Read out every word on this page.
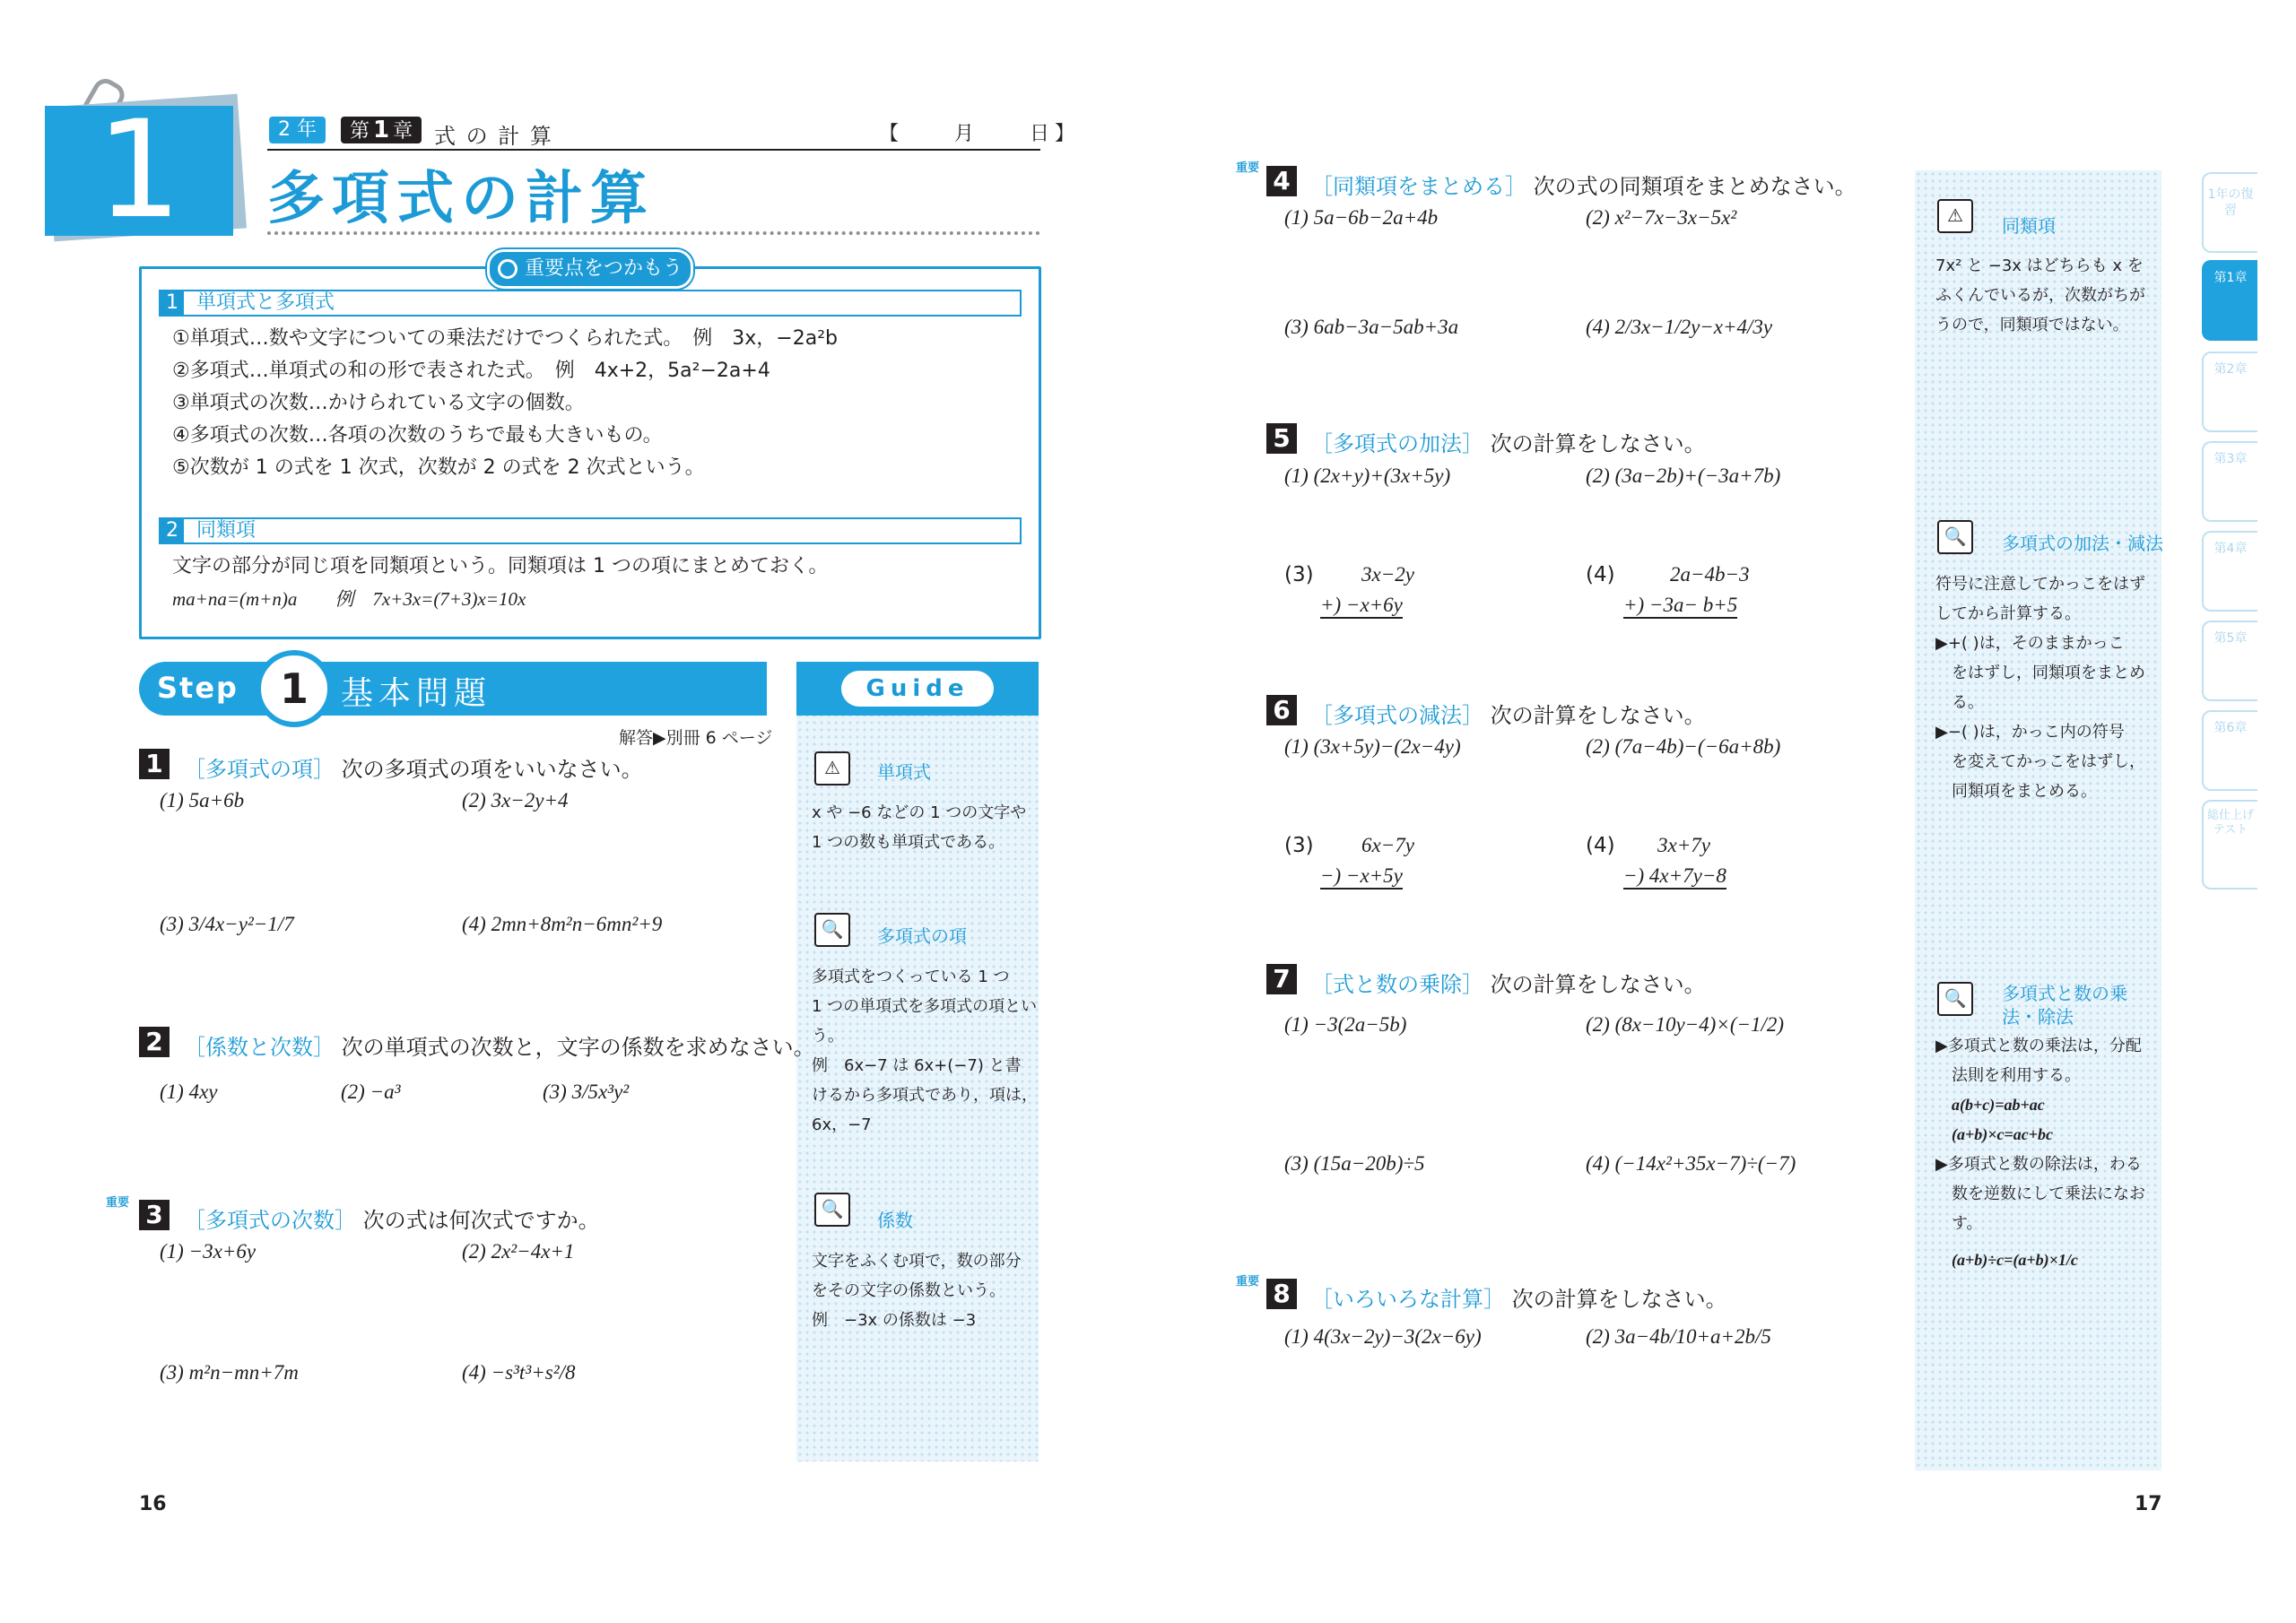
1	2 年	第 1 章 式 の 計 算	【　　月　　日】
多項式の計算
重要点をつかもう
1 単項式と多項式
①単項式…数や文字についての乗法だけでつくられた式。　例　3x，−2a²b
②多項式…単項式の和の形で表された式。　例　4x+2，5a²−2a+4
③単項式の次数…かけられている文字の個数。
④多項式の次数…各項の次数のうちで最も大きいもの。
⑤次数が 1 の式を 1 次式，次数が 2 の式を 2 次式という。
2 同類項
文字の部分が同じ項を同類項という。同類項は 1 つの項にまとめておく。
ma+na=(m+n)a　　例　7x+3x=(7+3)x=10x
Step	1	基本問題
解答▶別冊 6 ページ
Guide
⚠	単項式
x や −6 などの 1 つの文字や
1 つの数も単項式である。
🔍	多項式の項
多項式をつくっている 1 つ
1 つの単項式を多項式の項とい
う。
例　6x−7 は 6x+(−7) と書
けるから多項式であり，項は，
6x，−7
🔍
係数
文字をふくむ項で，数の部分
をその文字の係数という。
例　−3x の係数は −3
1 ［多項式の項］ 次の多項式の項をいいなさい。
(1) 5a+6b	(2) 3x−2y+4
(3) 3/4x−y²−1/7	(4) 2mn+8m²n−6mn²+9
2 ［係数と次数］ 次の単項式の次数と，文字の係数を求めなさい。
(1) 4xy	(2) −a³	(3) 3/5x³y²
重要 3 ［多項式の次数］ 次の式は何次式ですか。
(1) −3x+6y	(2) 2x²−4x+1
(3) m²n−mn+7m	(4) −s³t³+s²/8
16
重要 4 ［同類項をまとめる］ 次の式の同類項をまとめなさい。
(1) 5a−6b−2a+4b	(2) x²−7x−3x−5x²
(3) 6ab−3a−5ab+3a	(4) 2/3x−1/2y−x+4/3y
5 ［多項式の加法］ 次の計算をしなさい。
(1) (2x+y)+(3x+5y)	(2) (3a−2b)+(−3a+7b)
(3) 3x−2y
+) −x+6y
(4)	2a−4b−3
+) −3a− b+5
6 ［多項式の減法］ 次の計算をしなさい。
(1) (3x+5y)−(2x−4y)	(2) (7a−4b)−(−6a+8b)
(3) 6x−7y
−) −x+5y
(4) 3x+7y
−) 4x+7y−8
7 ［式と数の乗除］ 次の計算をしなさい。
(1) −3(2a−5b)	(2) (8x−10y−4)×(−1/2)
(3) (15a−20b)÷5	(4) (−14x²+35x−7)÷(−7)
重要 8 ［いろいろな計算］ 次の計算をしなさい。
(1) 4(3x−2y)−3(2x−6y)	(2) 3a−4b/10+a+2b/5
⚠	同類項
7x² と −3x はどちらも x を
ふくんでいるが，次数がちが
うので，同類項ではない。
🔍	多項式の加法・減法
符号に注意してかっこをはず
してから計算する。
▶+( )は，そのままかっこ
をはずし，同類項をまとめ
る。
▶−( )は，かっこ内の符号
を変えてかっこをはずし，
同類項をまとめる。
🔍	多項式と数の乗法・除法
▶多項式と数の乗法は，分配
法則を利用する。
a(b+c)=ab+ac
(a+b)×c=ac+bc
▶多項式と数の除法は，わる
数を逆数にして乗法になお
す。
(a+b)÷c=(a+b)×1/c
1年の復習
第1章
第2章
第3章
第4章
第5章
第6章
総仕上げテスト
17
